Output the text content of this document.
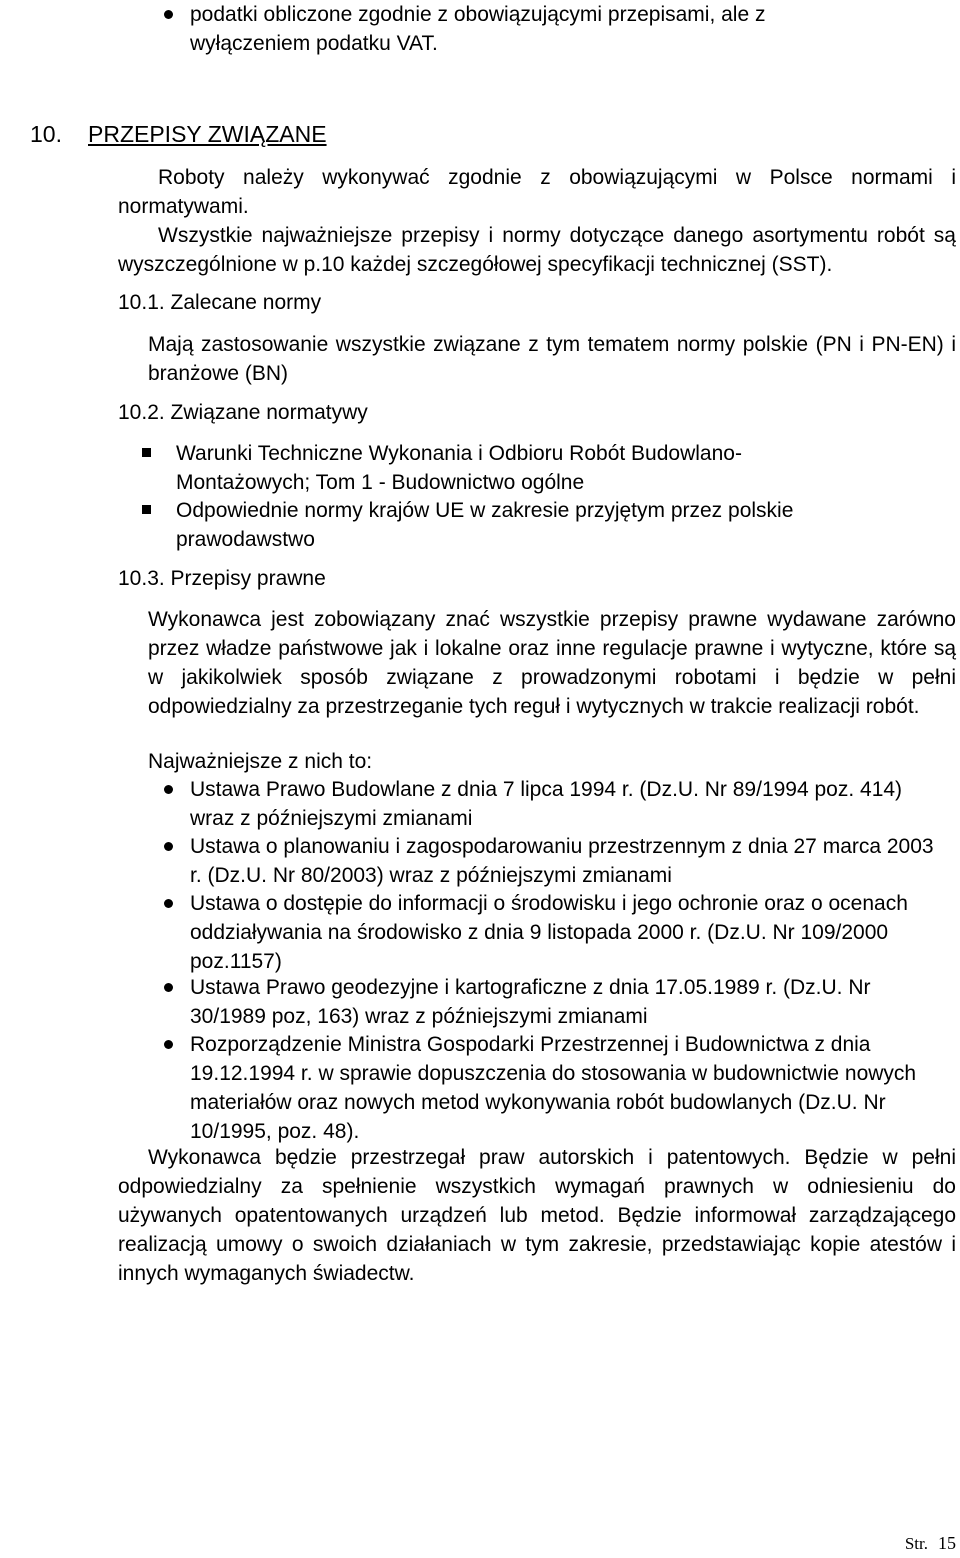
podatki obliczone zgodnie z obowiązującymi przepisami, ale z wyłączeniem podatku VAT.
10. PRZEPISY ZWIĄZANE
Roboty należy wykonywać zgodnie z obowiązującymi w Polsce normami i normatywami.
Wszystkie najważniejsze przepisy i normy dotyczące danego asortymentu robót są wyszczególnione w p.10 każdej szczegółowej specyfikacji technicznej (SST).
10.1. Zalecane normy
Mają zastosowanie wszystkie związane z tym tematem normy polskie (PN i PN-EN) i branżowe (BN)
10.2. Związane normatywy
Warunki Techniczne Wykonania i Odbioru Robót Budowlano-Montażowych; Tom 1 - Budownictwo ogólne
Odpowiednie normy krajów UE w zakresie przyjętym przez polskie prawodawstwo
10.3. Przepisy prawne
Wykonawca jest zobowiązany znać wszystkie przepisy prawne wydawane zarówno przez władze państwowe jak i lokalne oraz inne regulacje prawne i wytyczne, które są w jakikolwiek sposób związane z prowadzonymi robotami i będzie w pełni odpowiedzialny za przestrzeganie tych reguł i wytycznych w trakcie realizacji robót.
Najważniejsze z nich to:
Ustawa Prawo Budowlane z dnia 7 lipca 1994 r. (Dz.U. Nr 89/1994 poz. 414) wraz z późniejszymi zmianami
Ustawa o planowaniu i zagospodarowaniu przestrzennym z dnia 27 marca 2003 r. (Dz.U. Nr 80/2003) wraz z późniejszymi zmianami
Ustawa o dostępie do informacji o środowisku i jego ochronie oraz o ocenach oddziaływania na środowisko z dnia 9 listopada 2000 r. (Dz.U. Nr 109/2000 poz.1157)
Ustawa Prawo geodezyjne i kartograficzne z dnia 17.05.1989 r. (Dz.U. Nr 30/1989 poz, 163) wraz z późniejszymi zmianami
Rozporządzenie Ministra Gospodarki Przestrzennej i Budownictwa z dnia 19.12.1994 r. w sprawie dopuszczenia do stosowania w budownictwie nowych materiałów oraz nowych metod wykonywania robót budowlanych (Dz.U. Nr 10/1995, poz. 48).
Wykonawca będzie przestrzegał praw autorskich i patentowych. Będzie w pełni odpowiedzialny za spełnienie wszystkich wymagań prawnych w odniesieniu do używanych opatentowanych urządzeń lub metod. Będzie informował zarządzającego realizacją umowy o swoich działaniach w tym zakresie, przedstawiając kopie atestów i innych wymaganych świadectw.
Str. 15
